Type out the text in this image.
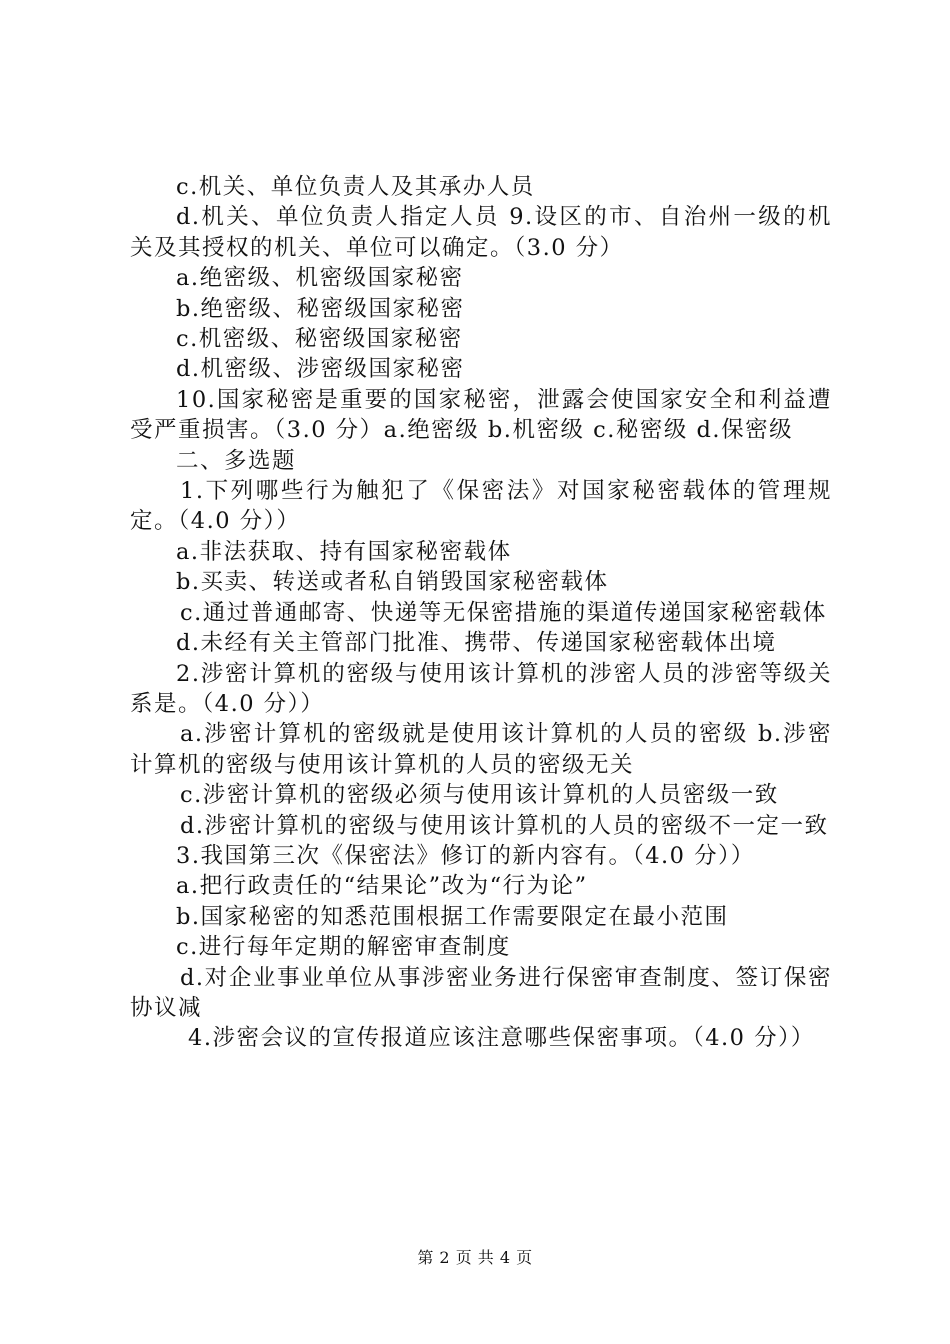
c.机关、单位负责人及其承办人员

d.机关、单位负责人指定人员 9.设区的市、自治州一级的机关及其授权的机关、单位可以确定。（3.0 分）

a.绝密级、机密级国家秘密

b.绝密级、秘密级国家秘密

c.机密级、秘密级国家秘密

d.机密级、涉密级国家秘密

10.国家秘密是重要的国家秘密，泄露会使国家安全和利益遭受严重损害。（3.0 分）a.绝密级 b.机密级 c.秘密级 d.保密级

二、多选题

1.下列哪些行为触犯了《保密法》对国家秘密载体的管理规定。（4.0 分））

a.非法获取、持有国家秘密载体

b.买卖、转送或者私自销毁国家秘密载体

c.通过普通邮寄、快递等无保密措施的渠道传递国家秘密载体

d.未经有关主管部门批准、携带、传递国家秘密载体出境

2.涉密计算机的密级与使用该计算机的涉密人员的涉密等级关系是。（4.0 分））

a.涉密计算机的密级就是使用该计算机的人员的密级 b.涉密计算机的密级与使用该计算机的人员的密级无关

c.涉密计算机的密级必须与使用该计算机的人员密级一致

d.涉密计算机的密级与使用该计算机的人员的密级不一定一致

3.我国第三次《保密法》修订的新内容有。（4.0 分））

a.把行政责任的“结果论”改为“行为论”

b.国家秘密的知悉范围根据工作需要限定在最小范围

c.进行每年定期的解密审查制度

d.对企业事业单位从事涉密业务进行保密审查制度、签订保密协议减

4.涉密会议的宣传报道应该注意哪些保密事项。（4.0 分））

第 2 页 共 4 页
